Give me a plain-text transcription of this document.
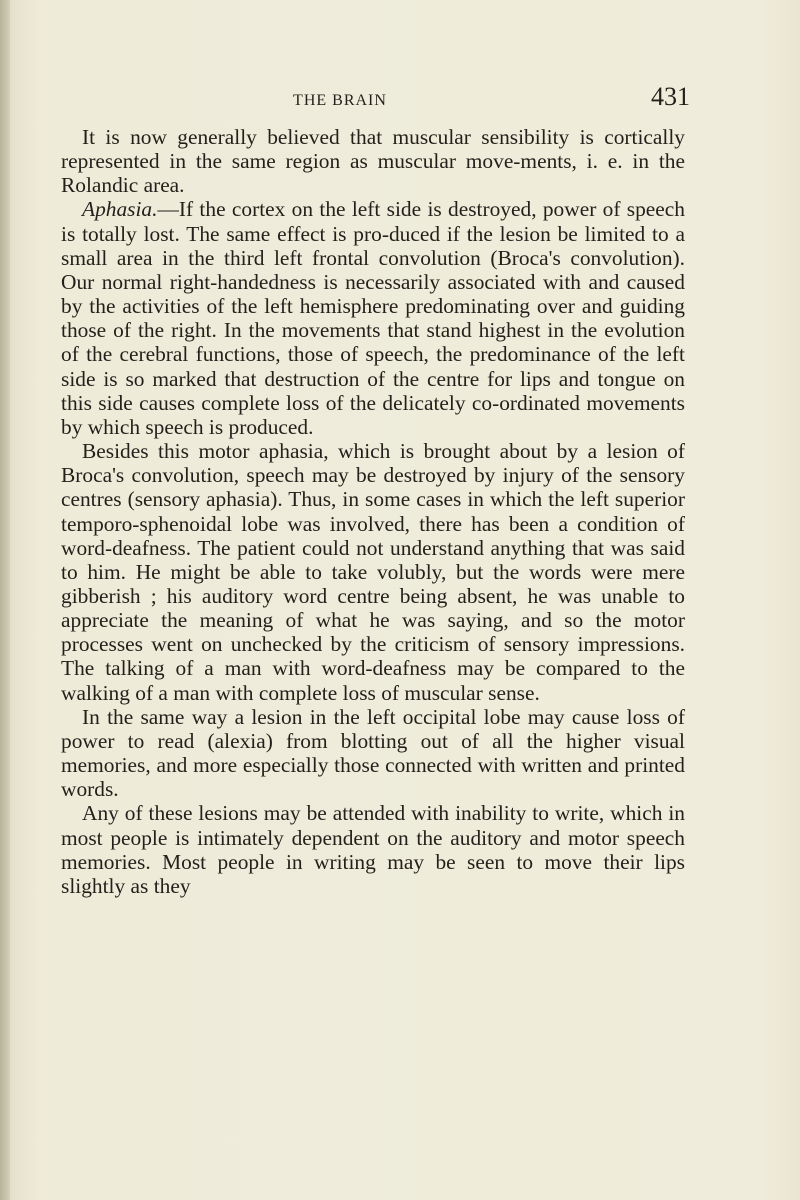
THE BRAIN	431

It is now generally believed that muscular sensibility is cortically represented in the same region as muscular move-ments, i. e. in the Rolandic area.

Aphasia.—If the cortex on the left side is destroyed, power of speech is totally lost. The same effect is pro-duced if the lesion be limited to a small area in the third left frontal convolution (Broca's convolution). Our normal right-handedness is necessarily associated with and caused by the activities of the left hemisphere predominating over and guiding those of the right. In the movements that stand highest in the evolution of the cerebral functions, those of speech, the predominance of the left side is so marked that destruction of the centre for lips and tongue on this side causes complete loss of the delicately co-ordinated movements by which speech is produced.

Besides this motor aphasia, which is brought about by a lesion of Broca's convolution, speech may be destroyed by injury of the sensory centres (sensory aphasia). Thus, in some cases in which the left superior temporo-sphenoidal lobe was involved, there has been a condition of word-deafness. The patient could not understand anything that was said to him. He might be able to take volubly, but the words were mere gibberish ; his auditory word centre being absent, he was unable to appreciate the meaning of what he was saying, and so the motor processes went on unchecked by the criticism of sensory impressions. The talking of a man with word-deafness may be compared to the walking of a man with complete loss of muscular sense.

In the same way a lesion in the left occipital lobe may cause loss of power to read (alexia) from blotting out of all the higher visual memories, and more especially those connected with written and printed words.

Any of these lesions may be attended with inability to write, which in most people is intimately dependent on the auditory and motor speech memories. Most people in writing may be seen to move their lips slightly as they
